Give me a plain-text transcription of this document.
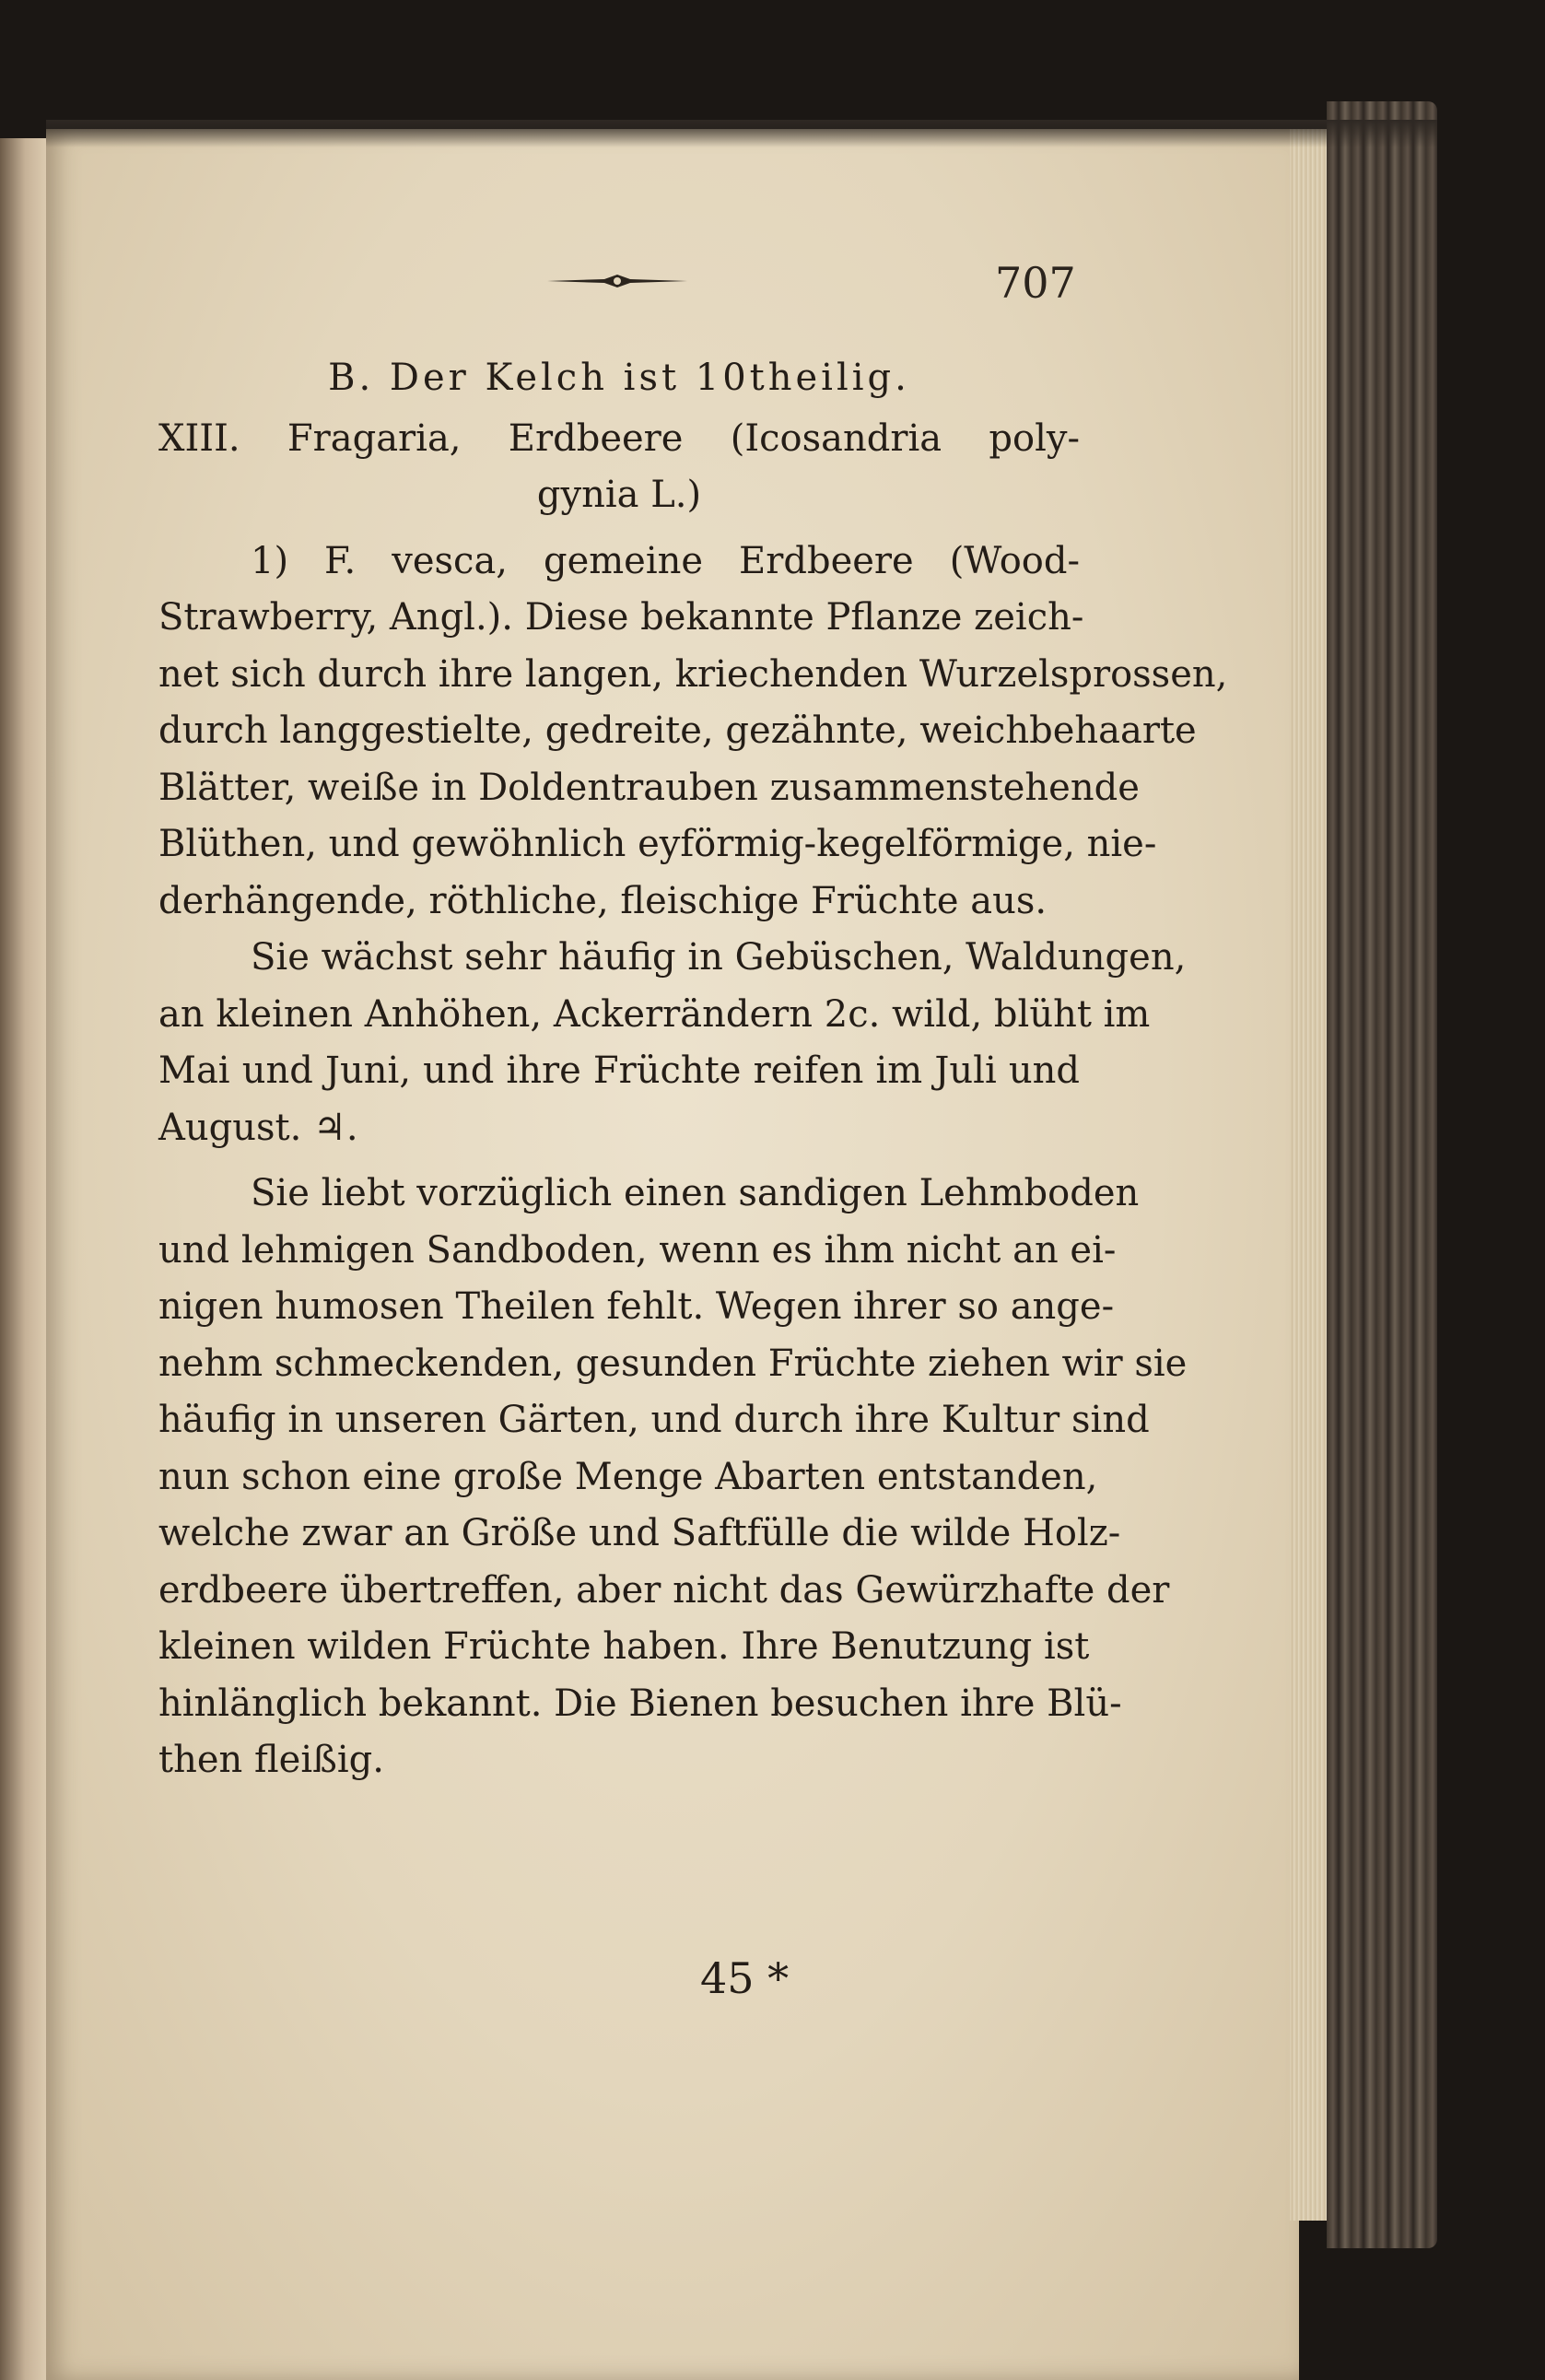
707
B. Der Kelch ist 10theilig.
XIII. Fragaria, Erdbeere (Icosandria poly-
gynia L.)
1) F. vesca, gemeine Erdbeere (Wood-
Strawberry, Angl.). Diese bekannte Pflanze zeich-
net sich durch ihre langen, kriechenden Wurzelsprossen,
durch langgestielte, gedreite, gezähnte, weichbehaarte
Blätter, weiße in Doldentrauben zusammenstehende
Blüthen, und gewöhnlich eyförmig-kegelförmige, nie-
derhängende, röthliche, fleischige Früchte aus.
Sie wächst sehr häufig in Gebüschen, Waldungen,
an kleinen Anhöhen, Ackerrändern 2c. wild, blüht im
Mai und Juni, und ihre Früchte reifen im Juli und
August. ♃.
Sie liebt vorzüglich einen sandigen Lehmboden
und lehmigen Sandboden, wenn es ihm nicht an ei-
nigen humosen Theilen fehlt. Wegen ihrer so ange-
nehm schmeckenden, gesunden Früchte ziehen wir sie
häufig in unseren Gärten, und durch ihre Kultur sind
nun schon eine große Menge Abarten entstanden,
welche zwar an Größe und Saftfülle die wilde Holz-
erdbeere übertreffen, aber nicht das Gewürzhafte der
kleinen wilden Früchte haben. Ihre Benutzung ist
hinlänglich bekannt. Die Bienen besuchen ihre Blü-
then fleißig.
45 *
